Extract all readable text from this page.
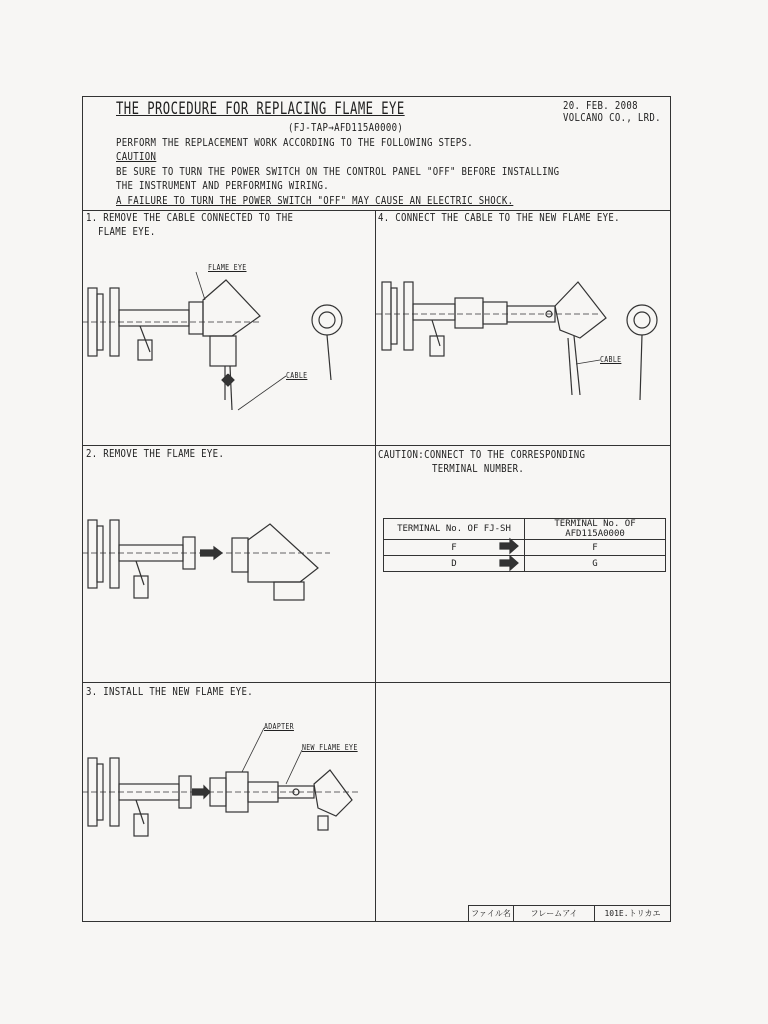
THE PROCEDURE FOR REPLACING FLAME EYE
(FJ-TAP→AFD115A0000)
20. FEB. 2008
VOLCANO CO., LRD.
PERFORM THE REPLACEMENT WORK ACCORDING TO THE FOLLOWING STEPS.
CAUTION
BE SURE TO TURN THE POWER SWITCH ON THE CONTROL PANEL "OFF" BEFORE INSTALLING
THE INSTRUMENT AND PERFORMING WIRING.
A FAILURE TO TURN THE POWER SWITCH "OFF" MAY CAUSE AN ELECTRIC SHOCK.
1. REMOVE THE CABLE CONNECTED TO THE
FLAME EYE.
4. CONNECT THE CABLE TO THE NEW FLAME EYE.
2. REMOVE THE FLAME EYE.	CAUTION:CONNECT TO THE CORRESPONDING
TERMINAL NUMBER.
3. INSTALL THE NEW FLAME EYE.
FLAME EYE
CABLE
CABLE
ADAPTER
NEW FLAME EYE
TERMINAL No. OF FJ-SH	TERMINAL No. OF AFD115A0000
F	F
D	G
ファイル名	フレームアイ	101E.トリカエ
